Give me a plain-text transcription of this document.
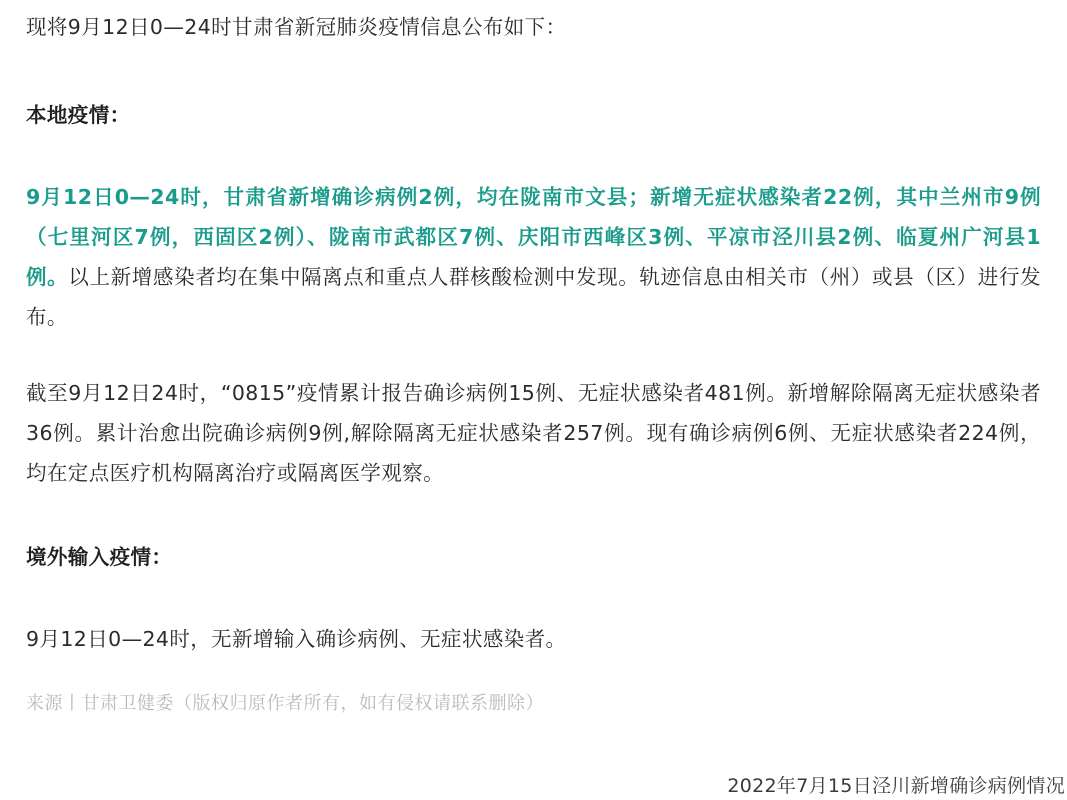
现将9月12日0—24时甘肃省新冠肺炎疫情信息公布如下：

本地疫情：

9月12日0—24时，甘肃省新增确诊病例2例，均在陇南市文县；新增无症状感染者22例，其中兰州市9例（七里河区7例，西固区2例）、陇南市武都区7例、庆阳市西峰区3例、平凉市泾川县2例、临夏州广河县1例。以上新增感染者均在集中隔离点和重点人群核酸检测中发现。轨迹信息由相关市（州）或县（区）进行发布。

截至9月12日24时，“0815”疫情累计报告确诊病例15例、无症状感染者481例。新增解除隔离无症状感染者36例。累计治愈出院确诊病例9例,解除隔离无症状感染者257例。现有确诊病例6例、无症状感染者224例，均在定点医疗机构隔离治疗或隔离医学观察。

境外输入疫情：

9月12日0—24时，无新增输入确诊病例、无症状感染者。

来源丨甘肃卫健委（版权归原作者所有，如有侵权请联系删除）

2022年7月15日泾川新增确诊病例情况
